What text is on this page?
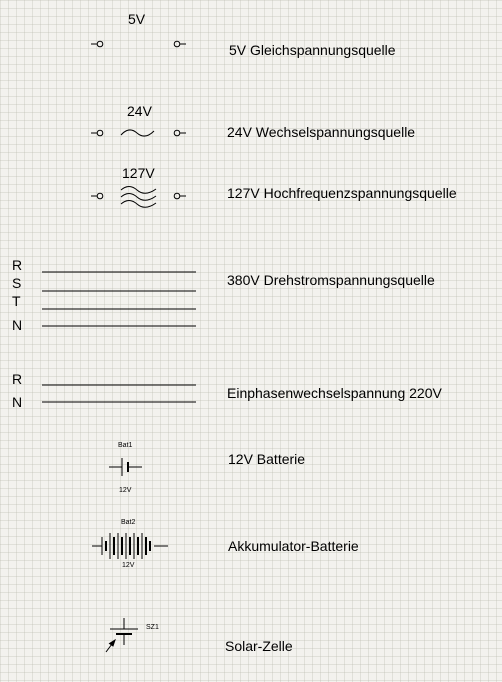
5V
5V Gleichspannungsquelle
24V
24V Wechselspannungsquelle
127V
127V Hochfrequenzspannungsquelle
R
S
T
N
380V Drehstromspannungsquelle
R
N
Einphasenwechselspannung 220V
Bat1
12V
12V Batterie
Bat2
12V
Akkumulator-Batterie
SZ1
Solar-Zelle
